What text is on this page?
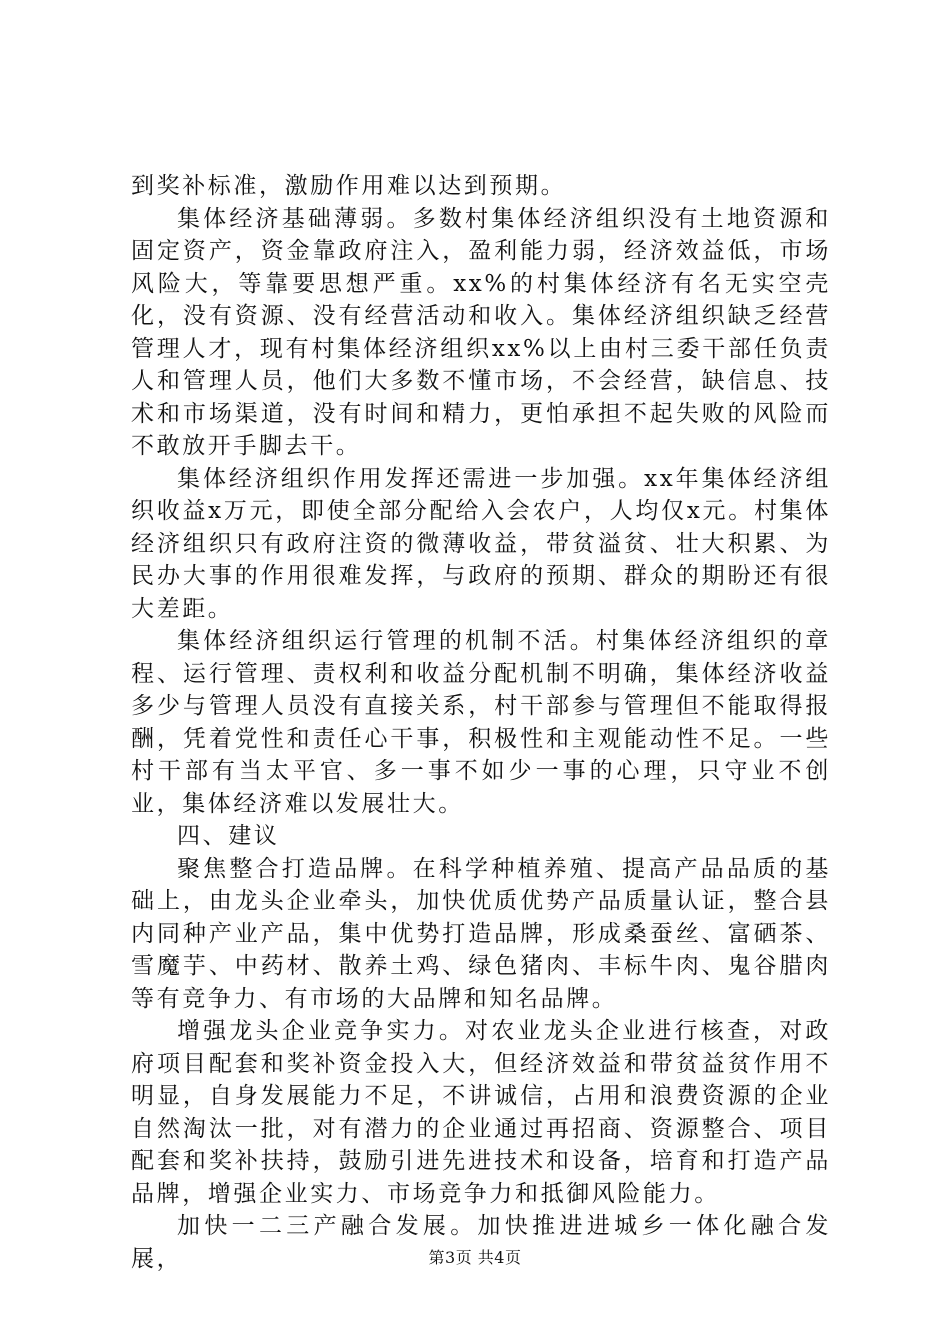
到奖补标准，激励作用难以达到预期。

集体经济基础薄弱。多数村集体经济组织没有土地资源和固定资产，资金靠政府注入，盈利能力弱，经济效益低，市场风险大，等靠要思想严重。xx%的村集体经济有名无实空壳化，没有资源、没有经营活动和收入。集体经济组织缺乏经营管理人才，现有村集体经济组织xx%以上由村三委干部任负责人和管理人员，他们大多数不懂市场，不会经营，缺信息、技术和市场渠道，没有时间和精力，更怕承担不起失败的风险而不敢放开手脚去干。

集体经济组织作用发挥还需进一步加强。xx年集体经济组织收益x万元，即使全部分配给入会农户，人均仅x元。村集体经济组织只有政府注资的微薄收益，带贫溢贫、壮大积累、为民办大事的作用很难发挥，与政府的预期、群众的期盼还有很大差距。

集体经济组织运行管理的机制不活。村集体经济组织的章程、运行管理、责权利和收益分配机制不明确，集体经济收益多少与管理人员没有直接关系，村干部参与管理但不能取得报酬，凭着党性和责任心干事，积极性和主观能动性不足。一些村干部有当太平官、多一事不如少一事的心理，只守业不创业，集体经济难以发展壮大。

四、建议

聚焦整合打造品牌。在科学种植养殖、提高产品品质的基础上，由龙头企业牵头，加快优质优势产品质量认证，整合县内同种产业产品，集中优势打造品牌，形成桑蚕丝、富硒茶、雪魔芋、中药材、散养土鸡、绿色猪肉、丰标牛肉、鬼谷腊肉等有竞争力、有市场的大品牌和知名品牌。

增强龙头企业竞争实力。对农业龙头企业进行核查，对政府项目配套和奖补资金投入大，但经济效益和带贫益贫作用不明显，自身发展能力不足，不讲诚信，占用和浪费资源的企业自然淘汰一批，对有潜力的企业通过再招商、资源整合、项目配套和奖补扶持，鼓励引进先进技术和设备，培育和打造产品品牌，增强企业实力、市场竞争力和抵御风险能力。

加快一二三产融合发展。加快推进进城乡一体化融合发展，	第3页 共4页
